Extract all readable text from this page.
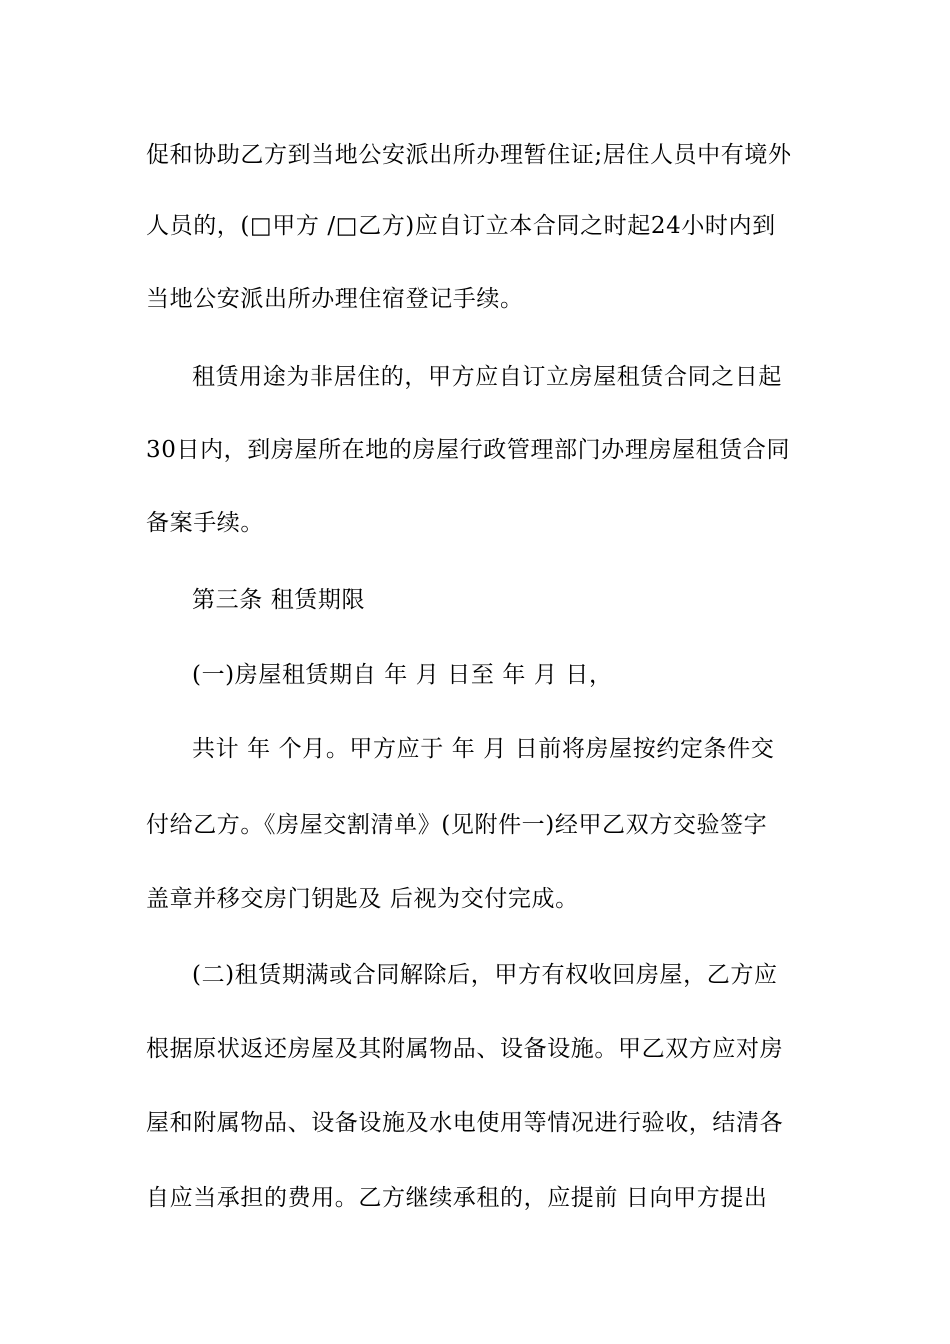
促和协助乙方到当地公安派出所办理暂住证;居住人员中有境外
人员的，(□甲方 /□乙方)应自订立本合同之时起24小时内到
当地公安派出所办理住宿登记手续。
租赁用途为非居住的，甲方应自订立房屋租赁合同之日起
30日内，到房屋所在地的房屋行政管理部门办理房屋租赁合同
备案手续。
第三条 租赁期限
(一)房屋租赁期自 年 月 日至 年 月 日，
共计 年 个月。甲方应于 年 月 日前将房屋按约定条件交
付给乙方。《房屋交割清单》(见附件一)经甲乙双方交验签字
盖章并移交房门钥匙及 后视为交付完成。
(二)租赁期满或合同解除后，甲方有权收回房屋，乙方应
根据原状返还房屋及其附属物品、设备设施。甲乙双方应对房
屋和附属物品、设备设施及水电使用等情况进行验收，结清各
自应当承担的费用。乙方继续承租的，应提前 日向甲方提出
